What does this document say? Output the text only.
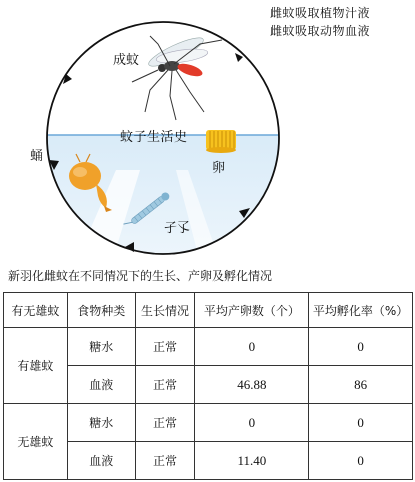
雌蚊吸取植物汁液
雌蚊吸取动物血液
成蚊
蚊子生活史
蛹
卵
孑孓
新羽化雌蚊在不同情况下的生长、产卵及孵化情况
有无雄蚊	食物种类	生长情况	平均产卵数（个）	平均孵化率（%）
有雄蚊	糖水	正常	0	0
	血液	正常	46.88	86
无雄蚊	糖水	正常	0	0
	血液	正常	11.40	0
